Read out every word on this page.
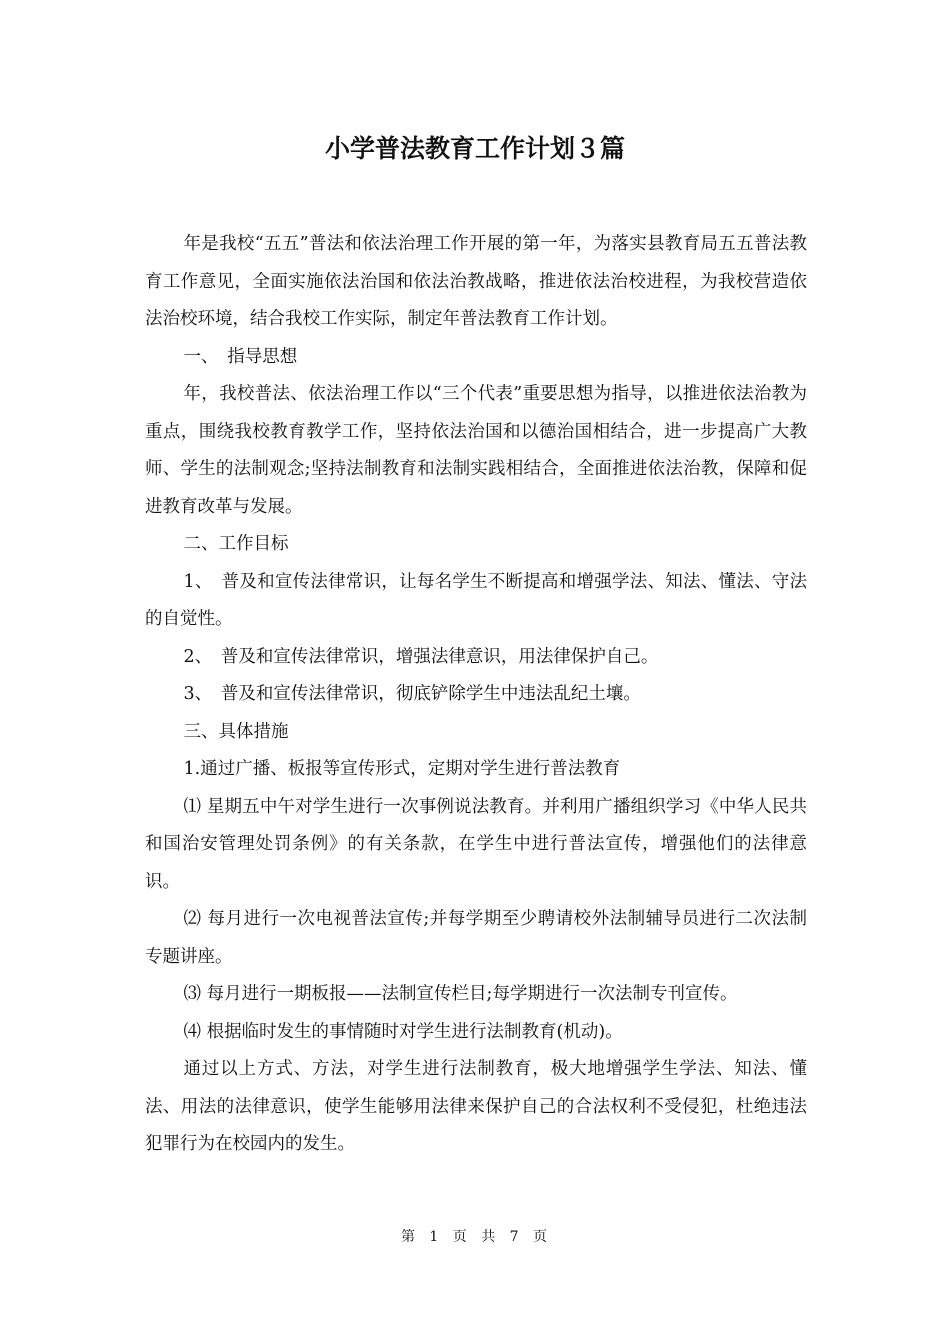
小学普法教育工作计划３篇

年是我校“五五”普法和依法治理工作开展的第一年，为落实县教育局五五普法教育工作意见，全面实施依法治国和依法治教战略，推进依法治校进程，为我校营造依法治校环境，结合我校工作实际，制定年普法教育工作计划。

一、　指导思想

年，我校普法、依法治理工作以“三个代表”重要思想为指导，以推进依法治教为重点，围绕我校教育教学工作，坚持依法治国和以德治国相结合，进一步提高广大教师、学生的法制观念;坚持法制教育和法制实践相结合，全面推进依法治教，保障和促进教育改革与发展。

二、工作目标

1、　普及和宣传法律常识，让每名学生不断提高和增强学法、知法、懂法、守法的自觉性。

2、　普及和宣传法律常识，增强法律意识，用法律保护自己。

3、　普及和宣传法律常识，彻底铲除学生中违法乱纪土壤。

三、具体措施

1.通过广播、板报等宣传形式，定期对学生进行普法教育

⑴ 星期五中午对学生进行一次事例说法教育。并利用广播组织学习《中华人民共和国治安管理处罚条例》的有关条款，在学生中进行普法宣传，增强他们的法律意识。

⑵ 每月进行一次电视普法宣传;并每学期至少聘请校外法制辅导员进行二次法制专题讲座。

⑶ 每月进行一期板报——法制宣传栏目;每学期进行一次法制专刊宣传。

⑷ 根据临时发生的事情随时对学生进行法制教育(机动)。

通过以上方式、方法，对学生进行法制教育，极大地增强学生学法、知法、懂法、用法的法律意识，使学生能够用法律来保护自己的合法权利不受侵犯，杜绝违法犯罪行为在校园内的发生。

第 1 页 共 7 页
